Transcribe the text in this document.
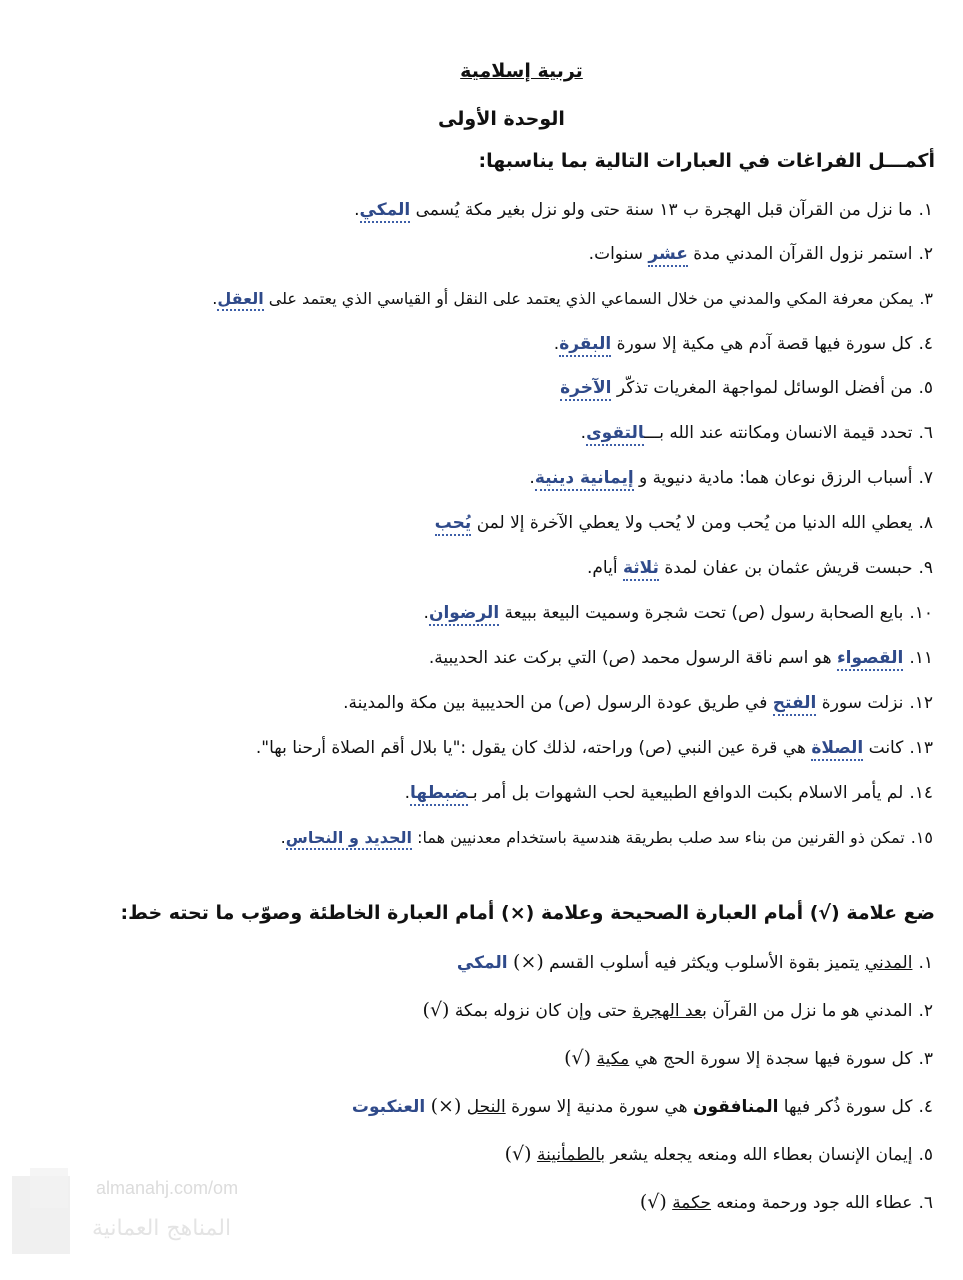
تربية إسلامية
الوحدة الأولى
أكمـــل الفراغات في العبارات التالية بما يناسبها:
١.ما نزل من القرآن قبل الهجرة ب ١٣ سنة حتى ولو نزل بغير مكة يُسمى المكي.
٢.استمر نزول القرآن المدني مدة عشر سنوات.
٣.يمكن معرفة المكي والمدني من خلال السماعي الذي يعتمد على النقل أو القياسي الذي يعتمد على العقل.
٤.كل سورة فيها قصة آدم هي مكية إلا سورة البقرة.
٥.من أفضل الوسائل لمواجهة المغريات تذكّر الآخرة
٦.تحدد قيمة الانسان ومكانته عند الله بـــالتقوى.
٧.أسباب الرزق نوعان هما: مادية دنيوية و إيمانية دينية.
٨.يعطي الله الدنيا من يُحب ومن لا يُحب ولا يعطي الآخرة إلا لمن يُحب
٩.حبست قريش عثمان بن عفان لمدة ثلاثة أيام.
١٠.بايع الصحابة رسول (ص) تحت شجرة وسميت البيعة ببيعة الرضوان.
١١.القصواء هو اسم ناقة الرسول محمد (ص) التي بركت عند الحديبية.
١٢.نزلت سورة الفتح في طريق عودة الرسول (ص) من الحديبية بين مكة والمدينة.
١٣.كانت الصلاة هي قرة عين النبي (ص) وراحته، لذلك كان يقول :"يا بلال أقم الصلاة أرحنا بها".
١٤.لم يأمر الاسلام بكبت الدوافع الطبيعية لحب الشهوات بل أمر بـضبطها.
١٥.تمكن ذو القرنين من بناء سد صلب بطريقة هندسية باستخدام معدنيين هما: الحديد و النحاس.
ضع علامة (√) أمام العبارة الصحيحة وعلامة (×) أمام العبارة الخاطئة وصوّب ما تحته خط:
١.المدني يتميز بقوة الأسلوب ويكثر فيه أسلوب القسم (×) المكي
٢.المدني هو ما نزل من القرآن بعد الهجرة حتى وإن كان نزوله بمكة (√)
٣.كل سورة فيها سجدة إلا سورة الحج هي مكية (√)
٤.كل سورة ذُكر فيها المنافقون هي سورة مدنية إلا سورة النحل (×) العنكبوت
٥.إيمان الإنسان بعطاء الله ومنعه يجعله يشعر بالطمأنينة (√)
٦.عطاء الله جود ورحمة ومنعه حكمة (√)
almanahj.com/om
المناهج العمانية
